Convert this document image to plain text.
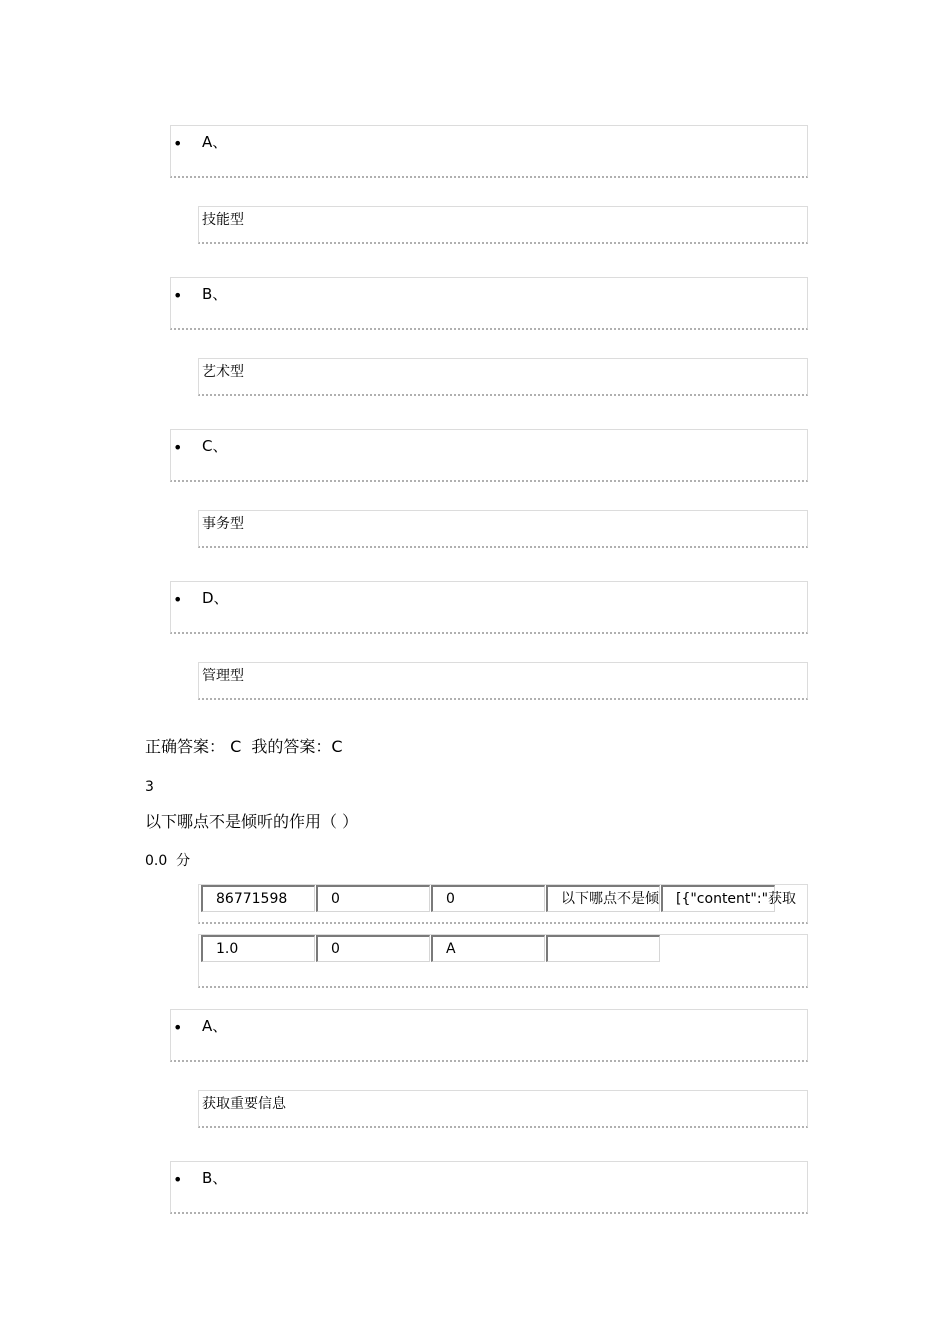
• A、
技能型
• B、
艺术型
• C、
事务型
• D、
管理型
正确答案： C  我的答案：C
3
以下哪点不是倾听的作用（ ）
0.0  分
86771598	0	0	以下哪点不是倾	[{"content":"获取
1.0	0	A
• A、
获取重要信息
• B、
